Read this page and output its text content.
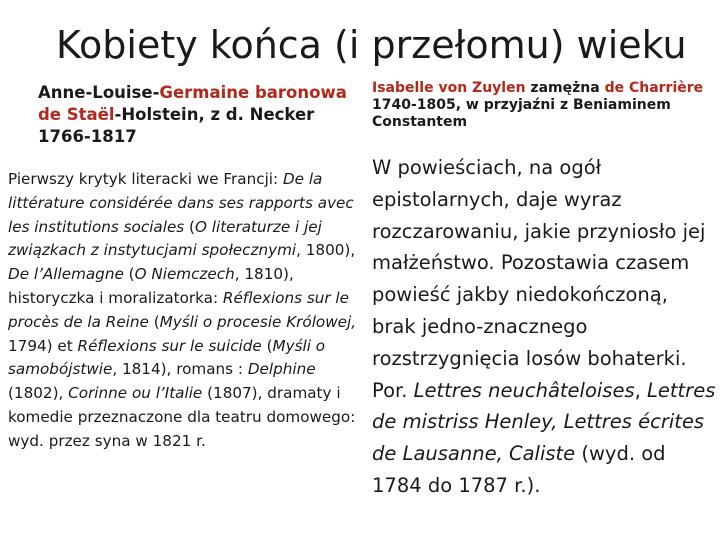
Kobiety końca (i przełomu) wieku
Anne-Louise-Germaine baronowa de Staël-Holstein, z d. Necker 1766-1817
Pierwszy krytyk literacki we Francji: De la littérature considérée dans ses rapports avec les institutions sociales (O literaturze i jej związkach z instytucjami społecznymi, 1800), De l’Allemagne (O Niemczech, 1810), historyczka i moralizatorka: Réflexions sur le procès de la Reine (Myśli o procesie Królowej, 1794) et Réflexions sur le suicide (Myśli o samobójstwie, 1814), romans : Delphine (1802), Corinne ou l’Italie (1807), dramaty i komedie przeznaczone dla teatru domowego: wyd. przez syna w 1821 r.
Isabelle von Zuylen zamężna de Charrière 1740-1805, w przyjaźni z Beniaminem Constantem
W powieściach, na ogół epistolarnych, daje wyraz rozczarowaniu, jakie przyniosło jej małżeństwo. Pozostawia czasem powieść jakby niedokończoną, brak jedno-znacznego rozstrzygnięcia losów bohaterki. Por. Lettres neuchâteloises, Lettres de mistriss Henley, Lettres écrites de Lausanne, Caliste (wyd. od 1784 do 1787 r.).
